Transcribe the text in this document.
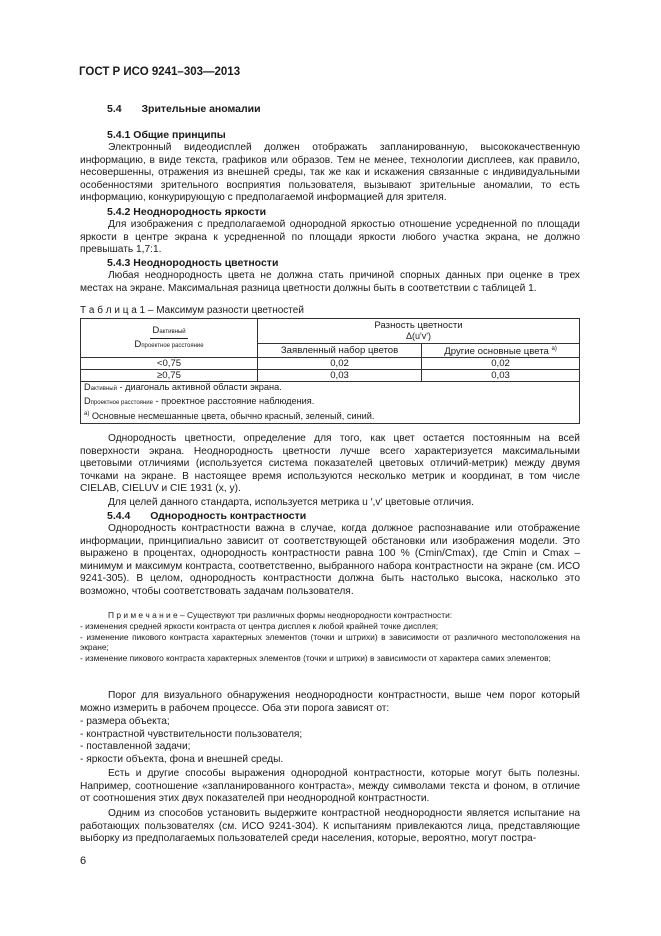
ГОСТ Р ИСО 9241–303—2013
5.4 Зрительные аномалии
5.4.1 Общие принципы
Электронный видеодисплей должен отображать запланированную, высококачественную информацию, в виде текста, графиков или образов. Тем не менее, технологии дисплеев, как правило, несовершенны, отражения из внешней среды, так же как и искажения связанные с индивидуальными особенностями зрительного восприятия пользователя, вызывают зрительные аномалии, то есть информацию, конкурирующую с предполагаемой информацией для зрителя.
5.4.2 Неоднородность яркости
Для изображения с предполагаемой однородной яркостью отношение усредненной по площади яркости в центре экрана к усредненной по площади яркости любого участка экрана, не должно превышать 1,7:1.
5.4.3 Неоднородность цветности
Любая неоднородность цвета не должна стать причиной спорных данных при оценке в трех местах на экране. Максимальная разница цветности должны быть в соответствии с таблицей 1.
Т а б л и ц а 1 – Максимум разности цветностей
Dактивный
Dпроектное расстояние	Разность цветности
Δ(u'v')	
	Заявленный набор цветов	Другие основные цвета $^{а)}$
<0,75	0,02	0,02
≥0,75	0,03	0,03

Dактивный - диагональ активной области экрана.
Dпроектное расстояние - проектное расстояние наблюдения.
$^{а)}$ Основные несмешанные цвета, обычно красный, зеленый, синий.		
Однородность цветности, определение для того, как цвет остается постоянным на всей поверхности экрана. Неоднородность цветности лучше всего характеризуется максимальными цветовыми отличиями (используется система показателей цветовых отличий-метрик) между двумя точками на экране. В настоящее время используются несколько метрик и координат, в том числе CIELAB, CIELUV и CIE 1931 (x, y).
Для целей данного стандарта, используется метрика u ′,v′ цветовые отличия.
5.4.4 Однородность контрастности
Однородность контрастности важна в случае, когда должное распознавание или отображение информации, принципиально зависит от соответствующей обстановки или изображения модели. Это выражено в процентах, однородность контрастности равна 100 % (Cmin/Cmax), где Cmin и Cmax – минимум и максимум контраста, соответственно, выбранного набора контрастности на экране (см. ИСО 9241-305). В целом, однородность контрастности должна быть настолько высока, насколько это возможно, чтобы соответствовать задачам пользователя.
П р и м е ч а н и е – Существуют три различных формы неоднородности контрастности:
- изменения средней яркости контраста от центра дисплея к любой крайней точке дисплея;
- изменение пикового контраста характерных элементов (точки и штрихи) в зависимости от различного местоположения на экране;
- изменение пикового контраста характерных элементов (точки и штрихи) в зависимости от характера самих элементов;
Порог для визуального обнаружения неоднородности контрастности, выше чем порог который можно измерить в рабочем процессе. Оба эти порога зависят от:
- размера объекта;
- контрастной чувствительности пользователя;
- поставленной задачи;
- яркости объекта, фона и внешней среды.
Есть и другие способы выражения однородной контрастности, которые могут быть полезны. Например, соотношение «запланированного контраста», между символами текста и фоном, в отличие от соотношения этих двух показателей при неоднородной контрастности.
Одним из способов установить выдержите контрастной неоднородности является испытание на работающих пользователях (см. ИСО 9241-304). К испытаниям привлекаются лица, представляющие выборку из предполагаемых пользователей среди населения, которые, вероятно, могут постра-
6
